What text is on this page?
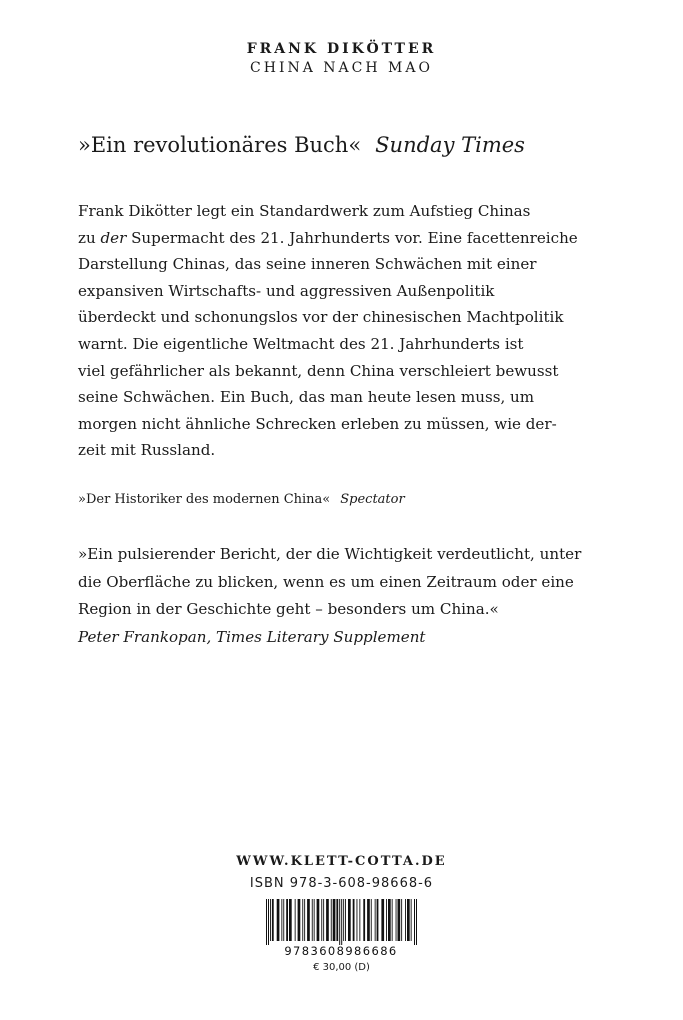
FRANK DIKÖTTER
CHINA NACH MAO
»Ein revolutionäres Buch« Sunday Times
Frank Dikötter legt ein Standardwerk zum Aufstieg Chinas
zu der Supermacht des 21. Jahrhunderts vor. Eine facettenreiche
Darstellung Chinas, das seine inneren Schwächen mit einer
expansiven Wirtschafts- und aggressiven Außenpolitik
überdeckt und schonungslos vor der chinesischen Machtpolitik
warnt. Die eigentliche Weltmacht des 21. Jahrhunderts ist
viel gefährlicher als bekannt, denn China verschleiert bewusst
seine Schwächen. Ein Buch, das man heute lesen muss, um
morgen nicht ähnliche Schrecken erleben zu müssen, wie der-
zeit mit Russland.
»Der Historiker des modernen China« Spectator
»Ein pulsierender Bericht, der die Wichtigkeit verdeutlicht, unter
die Oberfläche zu blicken, wenn es um einen Zeitraum oder eine
Region in der Geschichte geht – besonders um China.«
Peter Frankopan, Times Literary Supplement
WWW.KLETT-COTTA.DE
ISBN 978-3-608-98668-6
9783608986686
€ 30,00 (D)
